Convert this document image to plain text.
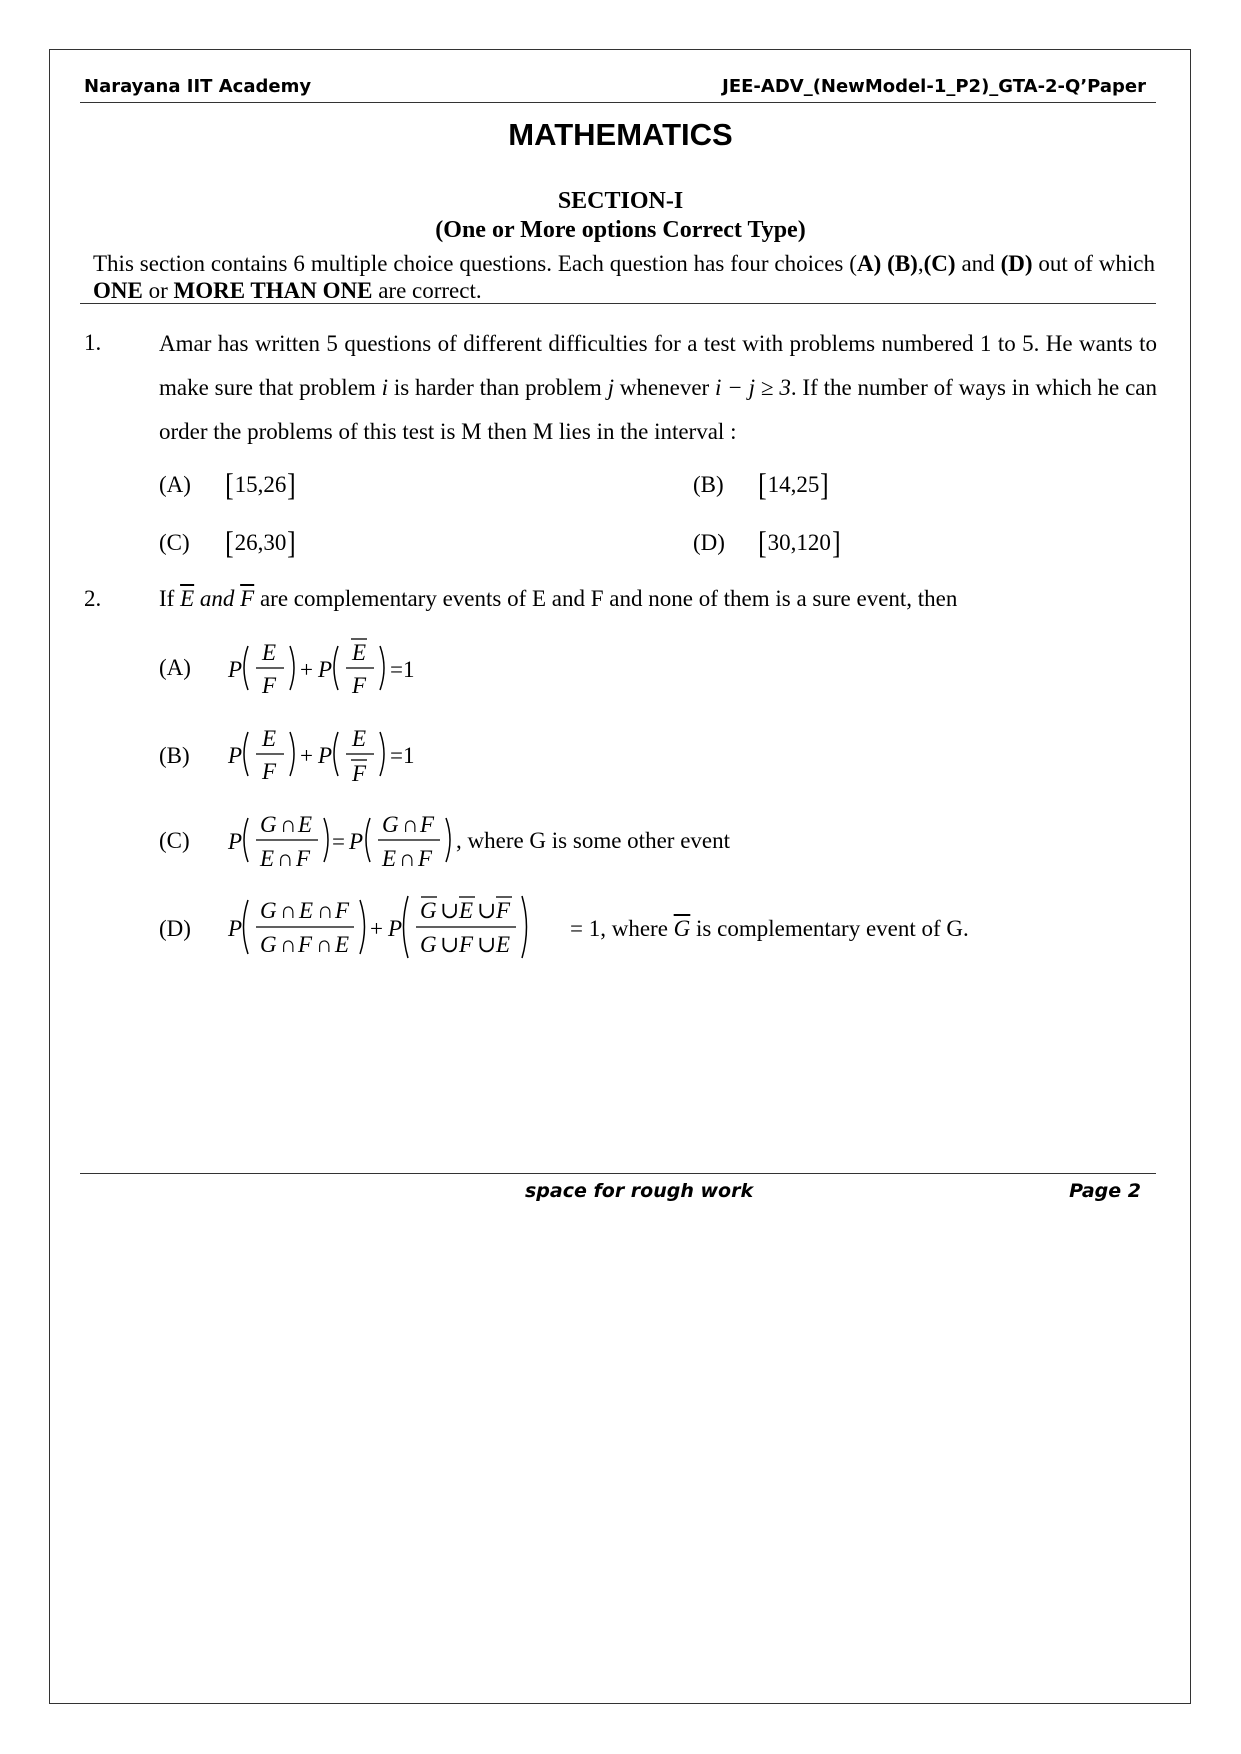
Narayana IIT Academy	JEE-ADV_(NewModel-1_P2)_GTA-2-Q’Paper
MATHEMATICS
SECTION-I
(One or More options Correct Type)
This section contains 6 multiple choice questions. Each question has four choices (A) (B),(C) and (D) out of which ONE or MORE THAN ONE are correct.
1.	Amar has written 5 questions of different difficulties for a test with problems numbered 1 to 5. He wants to make sure that problem i is harder than problem j whenever i − j ≥ 3. If the number of ways in which he can order the problems of this test is M then M lies in the interval :
(A) [15,26]	(B) [14,25]
(C) [26,30]	(D) [30,120]
2.	If $\overline{E}$ and $\overline{F}$ are complementary events of E and F and none of them is a sure event, then
(A) P
E
F
+ P
E
F
=1
(B) P
E
F
+ P
E
F
=1
(C) P
G ∩ E
E ∩ F
= P
G ∩ F
E ∩ F
, where G is some other event
(D) P
G ∩ E ∩ F
G ∩ F ∩ E
+ P
G ∪ E ∪ F
G ∪ F ∪ E
= 1, where $\overline{G}$ is complementary event of G.
space for rough work	Page 2
